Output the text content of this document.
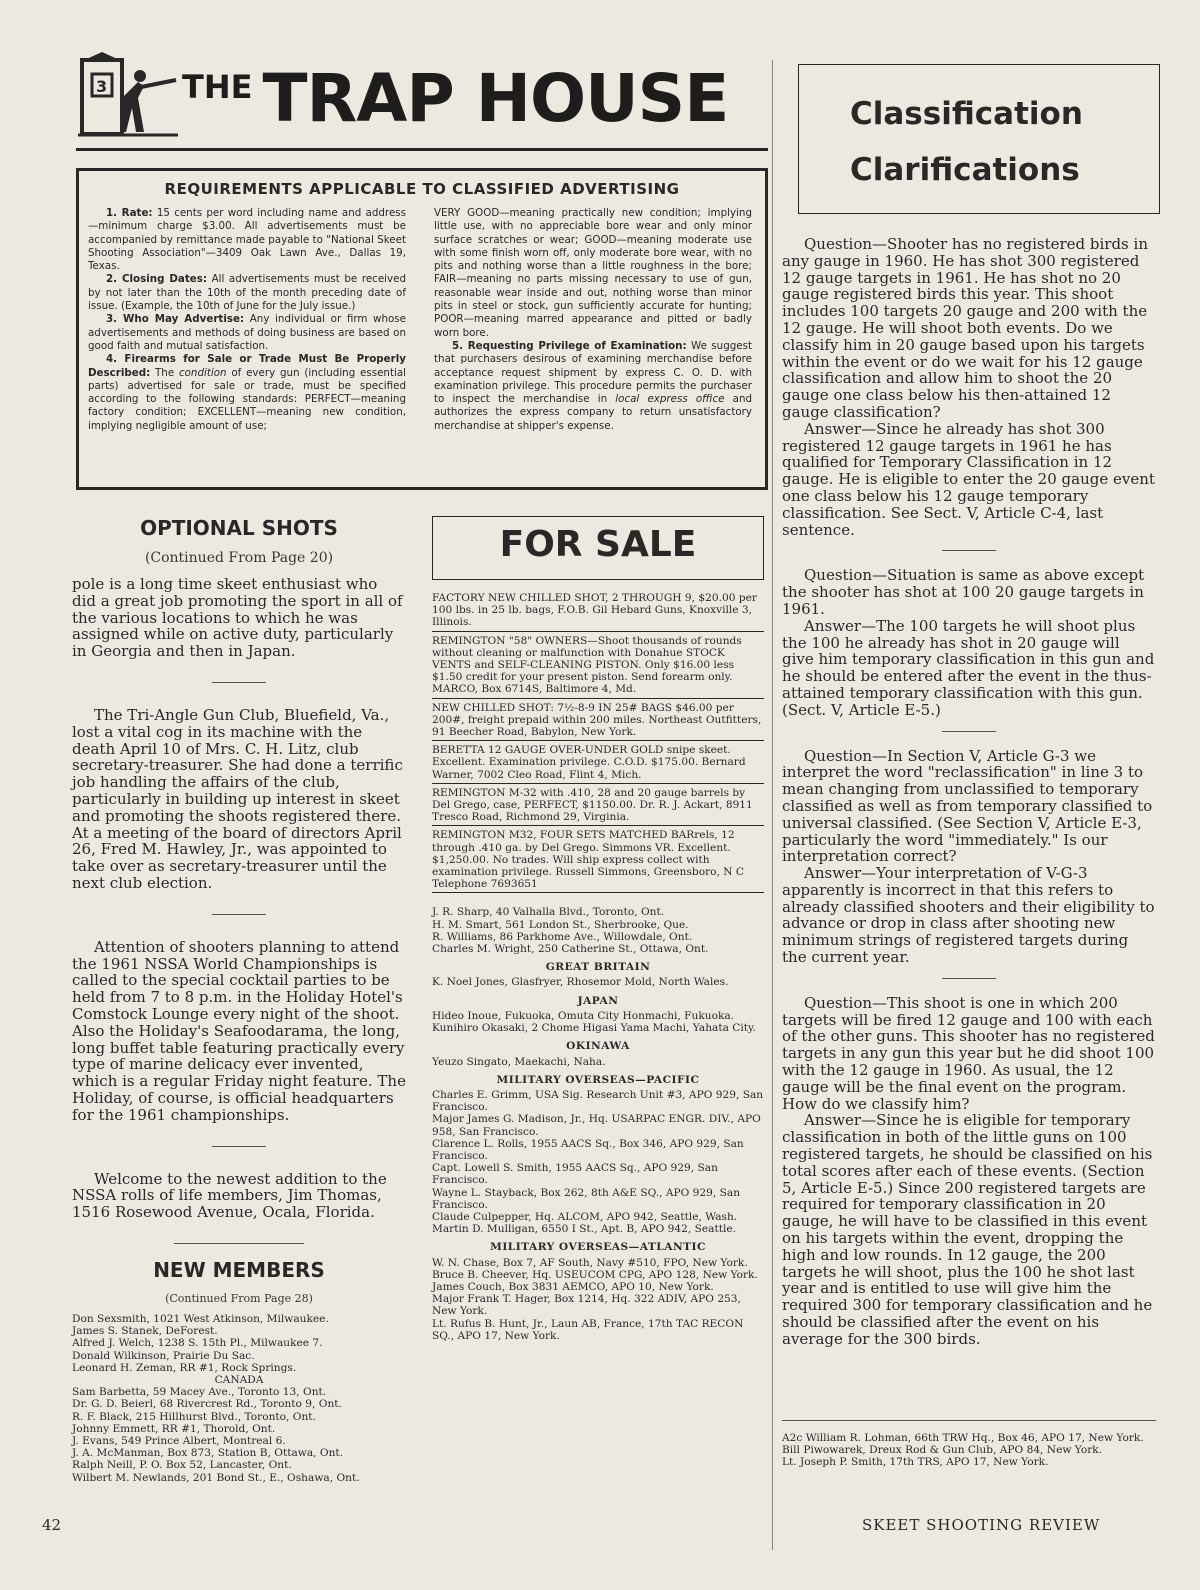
3 THE TRAP HOUSE
REQUIREMENTS APPLICABLE TO CLASSIFIED ADVERTISING

1. Rate: 15 cents per word including name and address—minimum charge $3.00. All advertisements must be accompanied by remittance made payable to "National Skeet Shooting Association"—3409 Oak Lawn Ave., Dallas 19, Texas.

2. Closing Dates: All advertisements must be received by not later than the 10th of the month preceding date of issue. (Example, the 10th of June for the July issue.)

3. Who May Advertise: Any individual or firm whose advertisements and methods of doing business are based on good faith and mutual satisfaction.

4. Firearms for Sale or Trade Must Be Properly Described: The condition of every gun (including essential parts) advertised for sale or trade, must be specified according to the following standards: PERFECT—meaning factory condition; EXCELLENT—meaning new condition, implying negligible amount of use;

VERY GOOD—meaning practically new condition; implying little use, with no appreciable bore wear and only minor surface scratches or wear; GOOD—meaning moderate use with some finish worn off, only moderate bore wear, with no pits and nothing worse than a little roughness in the bore; FAIR—meaning no parts missing necessary to use of gun, reasonable wear inside and out, nothing worse than minor pits in steel or stock, gun sufficiently accurate for hunting; POOR—meaning marred appearance and pitted or badly worn bore.

5. Requesting Privilege of Examination: We suggest that purchasers desirous of examining merchandise before acceptance request shipment by express C. O. D. with examination privilege. This procedure permits the purchaser to inspect the merchandise in local express office and authorizes the express company to return unsatisfactory merchandise at shipper's expense.

Classification
Clarifications
OPTIONAL SHOTS
(Continued From Page 20)

pole is a long time skeet enthusiast who did a great job promoting the sport in all of the various locations to which he was assigned while on active duty, particularly in Georgia and then in Japan.

The Tri-Angle Gun Club, Bluefield, Va., lost a vital cog in its machine with the death April 10 of Mrs. C. H. Litz, club secretary-treasurer. She had done a terrific job handling the affairs of the club, particularly in building up interest in skeet and promoting the shoots registered there. At a meeting of the board of directors April 26, Fred M. Hawley, Jr., was appointed to take over as secretary-treasurer until the next club election.

Attention of shooters planning to attend the 1961 NSSA World Championships is called to the special cocktail parties to be held from 7 to 8 p.m. in the Holiday Hotel's Comstock Lounge every night of the shoot. Also the Holiday's Seafoodarama, the long, long buffet table featuring practically every type of marine delicacy ever invented, which is a regular Friday night feature. The Holiday, of course, is official headquarters for the 1961 championships.

Welcome to the newest addition to the NSSA rolls of life members, Jim Thomas, 1516 Rosewood Avenue, Ocala, Florida.

NEW MEMBERS
(Continued From Page 28)

Don Sexsmith, 1021 West Atkinson, Milwaukee.

James S. Stanek, DeForest.

Alfred J. Welch, 1238 S. 15th Pl., Milwaukee 7.

Donald Wilkinson, Prairie Du Sac.

Leonard H. Zeman, RR #1, Rock Springs.

CANADA

Sam Barbetta, 59 Macey Ave., Toronto 13, Ont.

Dr. G. D. Beierl, 68 Rivercrest Rd., Toronto 9, Ont.

R. F. Black, 215 Hillhurst Blvd., Toronto, Ont.

Johnny Emmett, RR #1, Thorold, Ont.

J. Evans, 549 Prince Albert, Montreal 6.

J. A. McManman, Box 873, Station B, Ottawa, Ont.

Ralph Neill, P. O. Box 52, Lancaster, Ont.

Wilbert M. Newlands, 201 Bond St., E., Oshawa, Ont.

FOR SALE

FACTORY NEW CHILLED SHOT, 2 THROUGH 9, $20.00 per 100 lbs. in 25 lb. bags, F.O.B. Gil Hebard Guns, Knoxville 3, Illinois.

REMINGTON "58" OWNERS—Shoot thousands of rounds without cleaning or malfunction with Donahue STOCK VENTS and SELF-CLEANING PISTON. Only $16.00 less $1.50 credit for your present piston. Send forearm only. MARCO, Box 6714S, Baltimore 4, Md.

NEW CHILLED SHOT: 7½-8-9 IN 25# BAGS $46.00 per 200#, freight prepaid within 200 miles. Northeast Outfitters, 91 Beecher Road, Babylon, New York.

BERETTA 12 GAUGE OVER-UNDER GOLD snipe skeet. Excellent. Examination privilege. C.O.D. $175.00. Bernard Warner, 7002 Cleo Road, Flint 4, Mich.

REMINGTON M-32 with .410, 28 and 20 gauge barrels by Del Grego, case, PERFECT, $1150.00. Dr. R. J. Ackart, 8911 Tresco Road, Richmond 29, Virginia.

REMINGTON M32, FOUR SETS MATCHED BARrels, 12 through .410 ga. by Del Grego. Simmons VR. Excellent. $1,250.00. No trades. Will ship express collect with examination privilege. Russell Simmons, Greensboro, N C Telephone 7693651

J. R. Sharp, 40 Valhalla Blvd., Toronto, Ont.

H. M. Smart, 561 London St., Sherbrooke, Que.

R. Williams, 86 Parkhome Ave., Willowdale, Ont.

Charles M. Wright, 250 Catherine St., Ottawa, Ont.

GREAT BRITAIN

K. Noel Jones, Glasfryer, Rhosemor Mold, North Wales.

JAPAN

Hideo Inoue, Fukuoka, Omuta City Honmachi, Fukuoka.

Kunihiro Okasaki, 2 Chome Higasi Yama Machi, Yahata City.

OKINAWA

Yeuzo Singato, Maekachi, Naha.

MILITARY OVERSEAS—PACIFIC

Charles E. Grimm, USA Sig. Research Unit #3, APO 929, San Francisco.

Major James G. Madison, Jr., Hq. USARPAC ENGR. DIV., APO 958, San Francisco.

Clarence L. Rolls, 1955 AACS Sq., Box 346, APO 929, San Francisco.

Capt. Lowell S. Smith, 1955 AACS Sq., APO 929, San Francisco.

Wayne L. Stayback, Box 262, 8th A&E SQ., APO 929, San Francisco.

Claude Culpepper, Hq. ALCOM, APO 942, Seattle, Wash.

Martin D. Mulligan, 6550 I St., Apt. B, APO 942, Seattle.

MILITARY OVERSEAS—ATLANTIC

W. N. Chase, Box 7, AF South, Navy #510, FPO, New York.

Bruce B. Cheever, Hq. USEUCOM CPG, APO 128, New York.

James Couch, Box 3831 AEMCO, APO 10, New York.

Major Frank T. Hager, Box 1214, Hq. 322 ADIV, APO 253, New York.

Lt. Rufus B. Hunt, Jr., Laun AB, France, 17th TAC RECON SQ., APO 17, New York.

Question—Shooter has no registered birds in any gauge in 1960. He has shot 300 registered 12 gauge targets in 1961. He has shot no 20 gauge registered birds this year. This shoot includes 100 targets 20 gauge and 200 with the 12 gauge. He will shoot both events. Do we classify him in 20 gauge based upon his targets within the event or do we wait for his 12 gauge classification and allow him to shoot the 20 gauge one class below his then-attained 12 gauge classification?

Answer—Since he already has shot 300 registered 12 gauge targets in 1961 he has qualified for Temporary Classification in 12 gauge. He is eligible to enter the 20 gauge event one class below his 12 gauge temporary classification. See Sect. V, Article C-4, last sentence.

Question—Situation is same as above except the shooter has shot at 100 20 gauge targets in 1961.

Answer—The 100 targets he will shoot plus the 100 he already has shot in 20 gauge will give him temporary classification in this gun and he should be entered after the event in the thus-attained temporary classification with this gun. (Sect. V, Article E-5.)

Question—In Section V, Article G-3 we interpret the word "reclassification" in line 3 to mean changing from unclassified to temporary classified as well as from temporary classified to universal classified. (See Section V, Article E-3, particularly the word "immediately." Is our interpretation correct?

Answer—Your interpretation of V-G-3 apparently is incorrect in that this refers to already classified shooters and their eligibility to advance or drop in class after shooting new minimum strings of registered targets during the current year.

Question—This shoot is one in which 200 targets will be fired 12 gauge and 100 with each of the other guns. This shooter has no registered targets in any gun this year but he did shoot 100 with the 12 gauge in 1960. As usual, the 12 gauge will be the final event on the program. How do we classify him?

Answer—Since he is eligible for temporary classification in both of the little guns on 100 registered targets, he should be classified on his total scores after each of these events. (Section 5, Article E-5.) Since 200 registered targets are required for temporary classification in 20 gauge, he will have to be classified in this event on his targets within the event, dropping the high and low rounds. In 12 gauge, the 200 targets he will shoot, plus the 100 he shot last year and is entitled to use will give him the required 300 for temporary classification and he should be classified after the event on his average for the 300 birds.

A2c William R. Lohman, 66th TRW Hq., Box 46, APO 17, New York.

Bill Piwowarek, Dreux Rod & Gun Club, APO 84, New York.

Lt. Joseph P. Smith, 17th TRS, APO 17, New York.

42	SKEET SHOOTING REVIEW
